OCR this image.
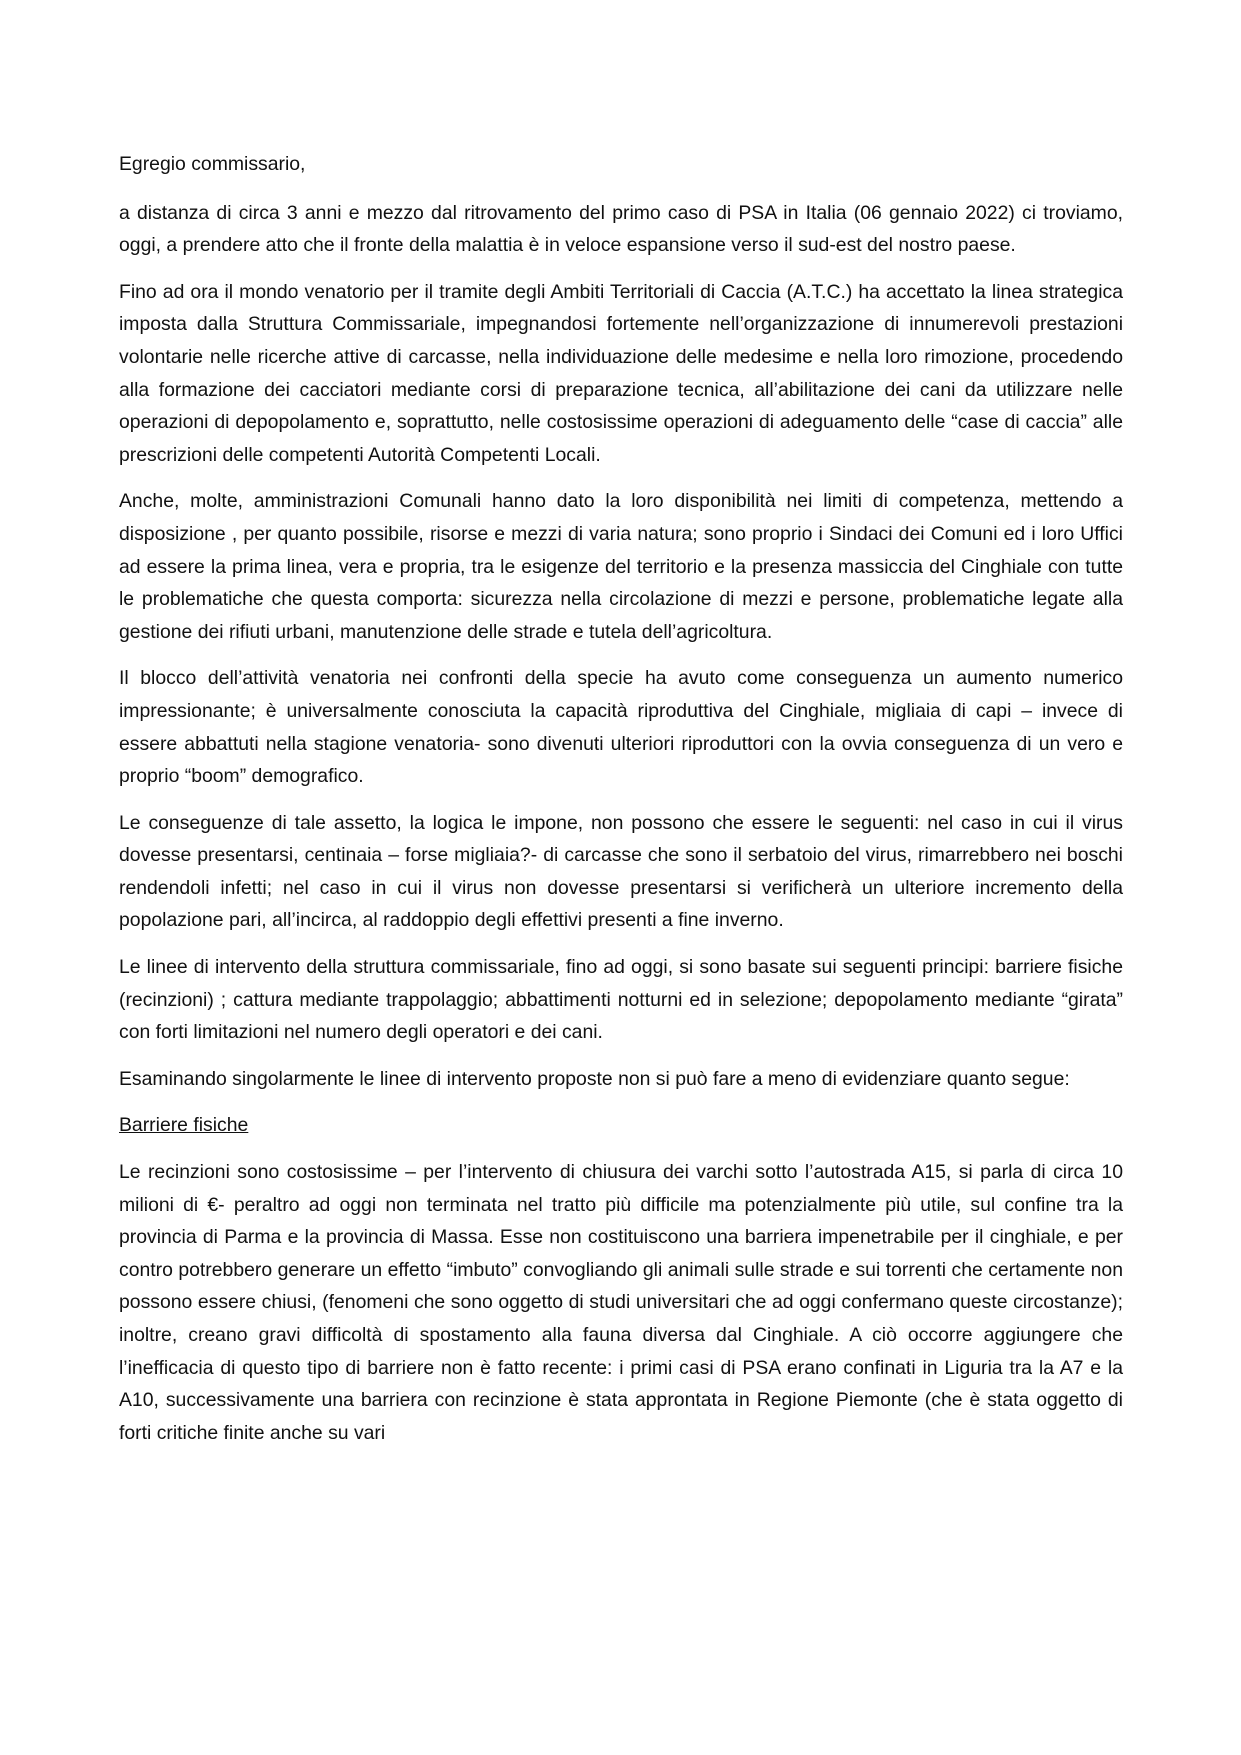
Egregio commissario,

a distanza di circa 3 anni e mezzo dal ritrovamento del primo caso di PSA in Italia (06 gennaio 2022) ci troviamo, oggi, a prendere atto che il fronte della malattia è in veloce espansione verso il sud-est del nostro paese.

Fino ad ora il mondo venatorio per il tramite degli Ambiti Territoriali di Caccia (A.T.C.) ha accettato la linea strategica imposta dalla Struttura Commissariale, impegnandosi fortemente nell’organizzazione di innumerevoli prestazioni volontarie nelle ricerche attive di carcasse, nella individuazione delle medesime e nella loro rimozione, procedendo alla formazione dei cacciatori mediante corsi di preparazione tecnica, all’abilitazione dei cani da utilizzare nelle operazioni di depopolamento e, soprattutto, nelle costosissime operazioni di adeguamento delle “case di caccia” alle prescrizioni delle competenti Autorità Competenti Locali.

Anche, molte, amministrazioni Comunali hanno dato la loro disponibilità nei limiti di competenza, mettendo a disposizione , per quanto possibile, risorse e mezzi di varia natura; sono proprio i Sindaci dei Comuni ed i loro Uffici ad essere la prima linea, vera e propria, tra le esigenze del territorio e la presenza massiccia del Cinghiale con tutte le problematiche che questa comporta: sicurezza nella circolazione di mezzi e persone, problematiche legate alla gestione dei rifiuti urbani, manutenzione delle strade e tutela dell’agricoltura.

Il blocco dell’attività venatoria nei confronti della specie ha avuto come conseguenza un aumento numerico impressionante; è universalmente conosciuta la capacità riproduttiva del Cinghiale, migliaia di capi – invece di essere abbattuti nella stagione venatoria- sono divenuti ulteriori riproduttori con la ovvia conseguenza di un vero e proprio “boom” demografico.

Le conseguenze di tale assetto, la logica le impone, non possono che essere le seguenti: nel caso in cui il virus dovesse presentarsi, centinaia – forse migliaia?- di carcasse che sono il serbatoio del virus, rimarrebbero nei boschi rendendoli infetti; nel caso in cui il virus non dovesse presentarsi si verificherà un ulteriore incremento della popolazione pari, all’incirca, al raddoppio degli effettivi presenti a fine inverno.

Le linee di intervento della struttura commissariale, fino ad oggi, si sono basate sui seguenti principi: barriere fisiche (recinzioni) ; cattura mediante trappolaggio; abbattimenti notturni ed in selezione; depopolamento mediante “girata” con forti limitazioni nel numero degli operatori e dei cani.

Esaminando singolarmente le linee di intervento proposte non si può fare a meno di evidenziare quanto segue:

Barriere fisiche

Le recinzioni sono costosissime – per l’intervento di chiusura dei varchi sotto l’autostrada A15, si parla di circa 10 milioni di €- peraltro ad oggi non terminata nel tratto più difficile ma potenzialmente più utile, sul confine tra la provincia di Parma e la provincia di Massa. Esse non costituiscono una barriera impenetrabile per il cinghiale, e per contro potrebbero generare un effetto “imbuto” convogliando gli animali sulle strade e sui torrenti che certamente non possono essere chiusi, (fenomeni che sono oggetto di studi universitari che ad oggi confermano queste circostanze); inoltre, creano gravi difficoltà di spostamento alla fauna diversa dal Cinghiale. A ciò occorre aggiungere che l’inefficacia di questo tipo di barriere non è fatto recente: i primi casi di PSA erano confinati in Liguria tra la A7 e la A10, successivamente una barriera con recinzione è stata approntata in Regione Piemonte (che è stata oggetto di forti critiche finite anche su vari
